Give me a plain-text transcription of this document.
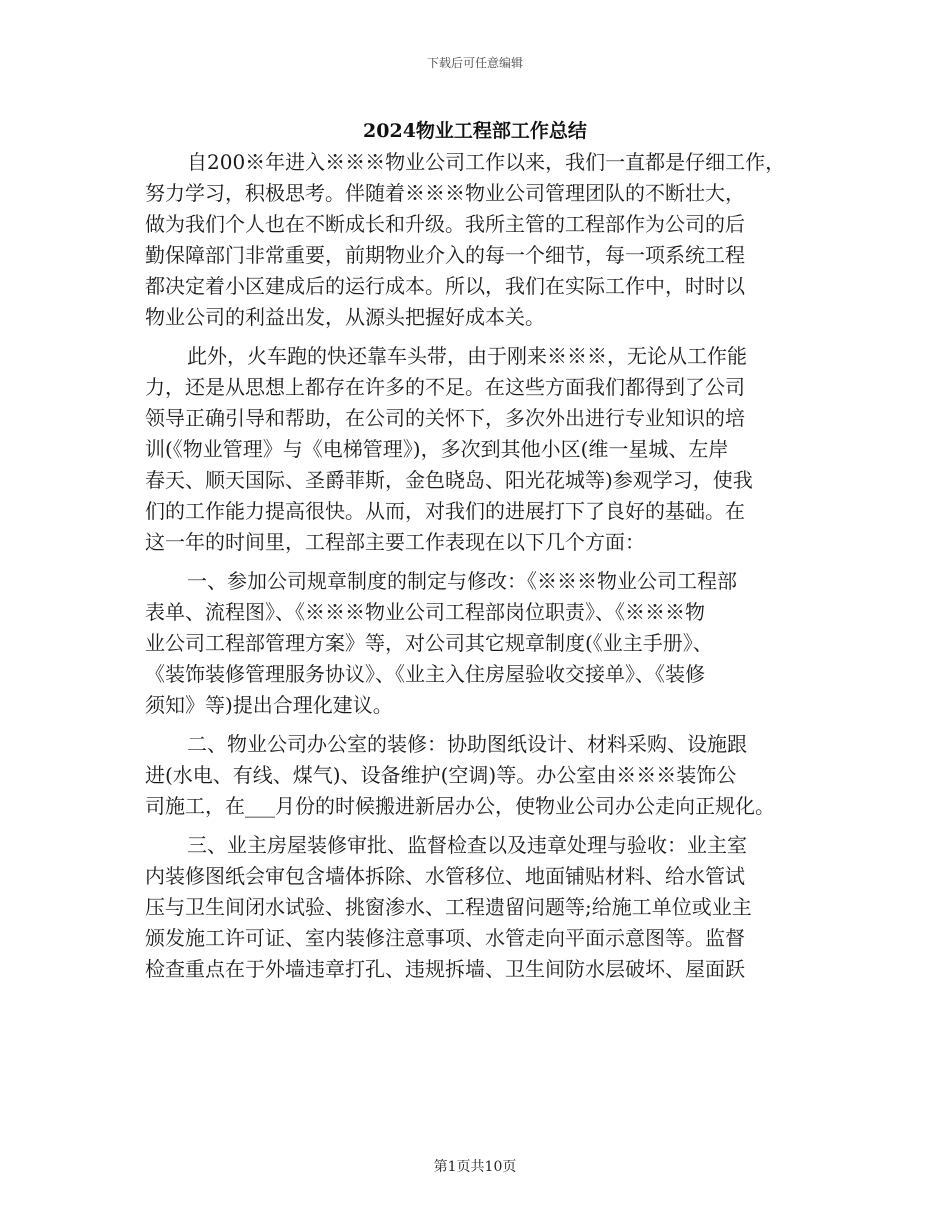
下载后可任意编辑
2024物业工程部工作总结
自200※年进入※※※物业公司工作以来，我们一直都是仔细工作，
努力学习，积极思考。伴随着※※※物业公司管理团队的不断壮大，
做为我们个人也在不断成长和升级。我所主管的工程部作为公司的后
勤保障部门非常重要，前期物业介入的每一个细节，每一项系统工程
都决定着小区建成后的运行成本。所以，我们在实际工作中，时时以
物业公司的利益出发，从源头把握好成本关。
此外，火车跑的快还靠车头带，由于刚来※※※，无论从工作能
力，还是从思想上都存在许多的不足。在这些方面我们都得到了公司
领导正确引导和帮助，在公司的关怀下，多次外出进行专业知识的培
训(《物业管理》与《电梯管理》)，多次到其他小区(维一星城、左岸
春天、顺天国际、圣爵菲斯，金色晓岛、阳光花城等)参观学习，使我
们的工作能力提高很快。从而，对我们的进展打下了良好的基础。在
这一年的时间里，工程部主要工作表现在以下几个方面：
一、参加公司规章制度的制定与修改：《※※※物业公司工程部
表单、流程图》、《※※※物业公司工程部岗位职责》、《※※※物
业公司工程部管理方案》等，对公司其它规章制度(《业主手册》、
《装饰装修管理服务协议》、《业主入住房屋验收交接单》、《装修
须知》等)提出合理化建议。
二、物业公司办公室的装修：协助图纸设计、材料采购、设施跟
进(水电、有线、煤气)、设备维护(空调)等。办公室由※※※装饰公
司施工，在___月份的时候搬进新居办公，使物业公司办公走向正规化。
三、业主房屋装修审批、监督检查以及违章处理与验收：业主室
内装修图纸会审包含墙体拆除、水管移位、地面铺贴材料、给水管试
压与卫生间闭水试验、挑窗渗水、工程遗留问题等;给施工单位或业主
颁发施工许可证、室内装修注意事项、水管走向平面示意图等。监督
检查重点在于外墙违章打孔、违规拆墙、卫生间防水层破坏、屋面跃
第1页共10页
